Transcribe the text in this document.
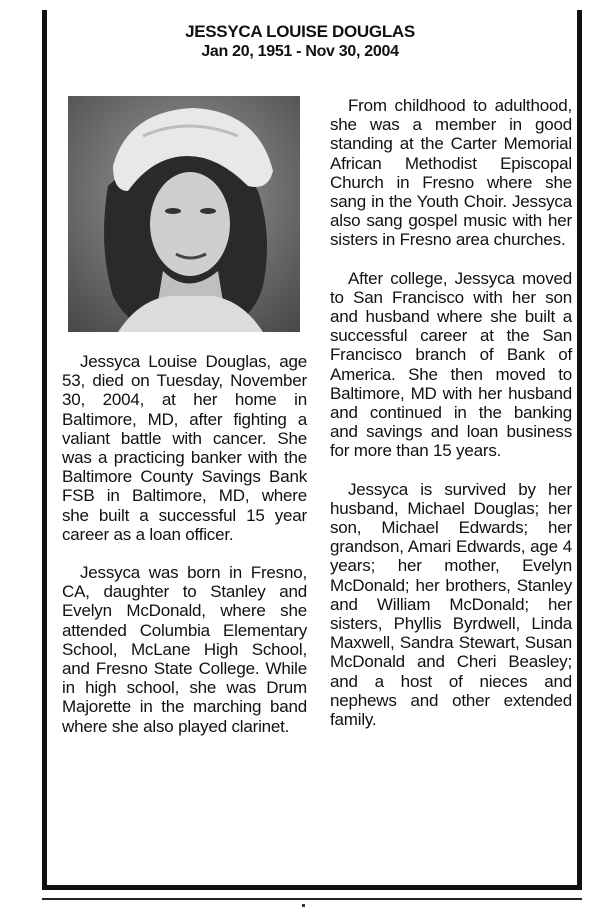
JESSYCA LOUISE DOUGLAS
Jan 20, 1951 - Nov 30, 2004

Jessyca Louise Douglas, age 53, died on Tuesday, November 30, 2004, at her home in Baltimore, MD, after fighting a valiant battle with cancer. She was a practicing banker with the Baltimore County Savings Bank FSB in Baltimore, MD, where she built a successful 15 year career as a loan officer.

Jessyca was born in Fresno, CA, daughter to Stanley and Evelyn McDonald, where she attended Columbia Elementary School, McLane High School, and Fresno State College. While in high school, she was Drum Majorette in the marching band where she also played clarinet.

From childhood to adulthood, she was a member in good standing at the Carter Memorial African Methodist Episcopal Church in Fresno where she sang in the Youth Choir. Jessyca also sang gospel music with her sisters in Fresno area churches.

After college, Jessyca moved to San Francisco with her son and husband where she built a successful career at the San Francisco branch of Bank of America. She then moved to Baltimore, MD with her husband and continued in the banking and savings and loan business for more than 15 years.

Jessyca is survived by her husband, Michael Douglas; her son, Michael Edwards; her grandson, Amari Edwards, age 4 years; her mother, Evelyn McDonald; her brothers, Stanley and William McDonald; her sisters, Phyllis Byrdwell, Linda Maxwell, Sandra Stewart, Susan McDonald and Cheri Beasley; and a host of nieces and nephews and other extended family.
